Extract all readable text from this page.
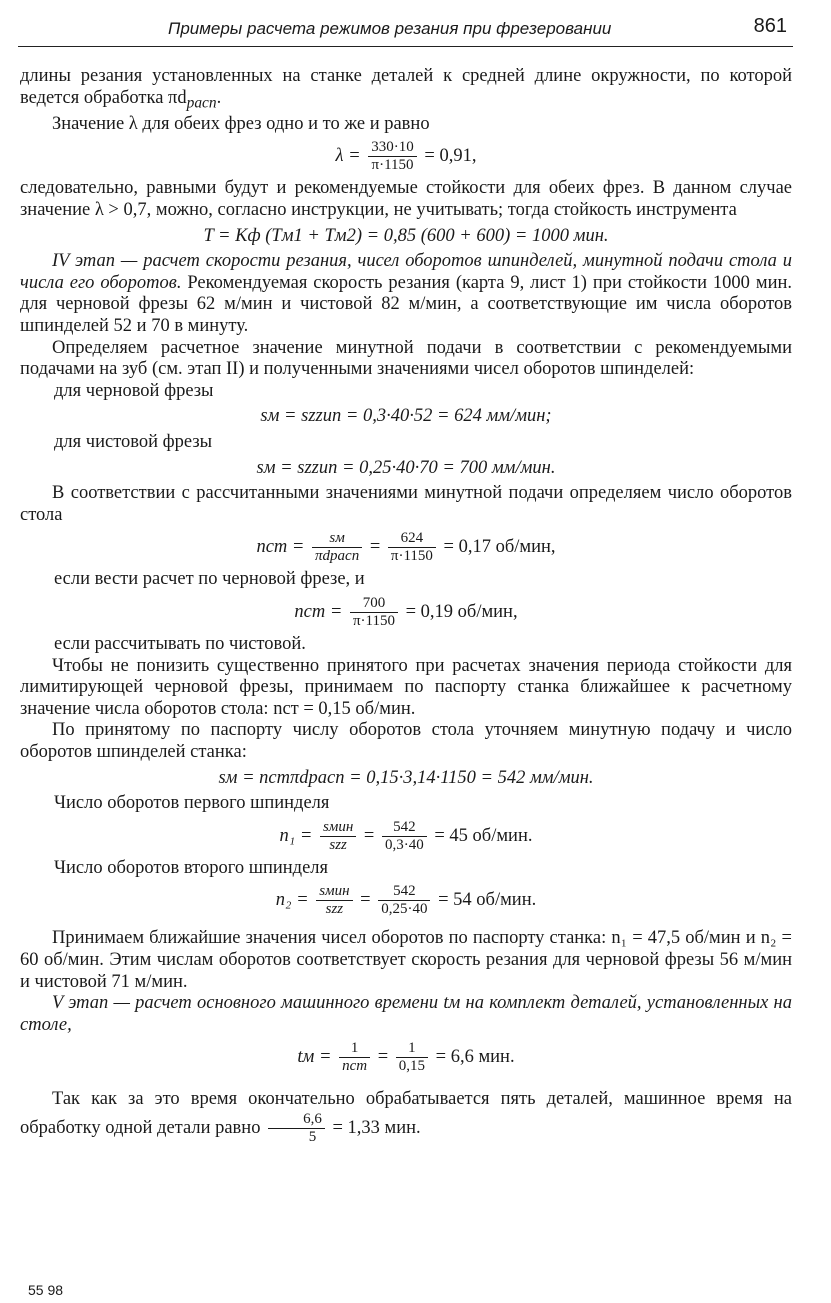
Примеры расчета режимов резания при фрезеровании	861

длины резания установленных на станке деталей к средней длине окружности, по которой ведется обработка $\pi d_{расп}$.

Значение λ для обеих фрез одно и то же и равно

$\lambda = \frac{330\cdot 10}{\pi\cdot 1150} = 0,91$,

следовательно, равными будут и рекомендуемые стойкости для обеих фрез. В данном случае значение λ > 0,7, можно, согласно инструкции, не учитывать; тогда стойкость инструмента

T = Kф (Tм1 + Tм2) = 0,85 (600 + 600) = 1000 мин.

IV этап — расчет скорости резания, чисел оборотов шпинделей, минутной подачи стола и числа его оборотов. Рекомендуемая скорость резания (карта 9, лист 1) при стойкости 1000 мин. для черновой фрезы 62 м/мин и чистовой 82 м/мин, а соответствующие им числа оборотов шпинделей 52 и 70 в минуту.

Определяем расчетное значение минутной подачи в соответствии с рекомендуемыми подачами на зуб (см. этап II) и полученными значениями чисел оборотов шпинделей:

для черновой фрезы
sм = szzиn = 0,3·40·52 = 624 мм/мин;
для чистовой фрезы
sм = szzиn = 0,25·40·70 = 700 мм/мин.

В соответствии с рассчитанными значениями минутной подачи определяем число оборотов стола

nст = $\frac{sм}{\text{πdрасп}} = \frac{624}{\pi\cdot 1150} = 0,17$ об/мин,
если вести расчет по черновой фрезе, и
nст = $\frac{700}{\pi\cdot 1150} = 0,19$ об/мин,
если рассчитывать по чистовой.

Чтобы не понизить существенно принятого при расчетах значения периода стойкости для лимитирующей черновой фрезы, принимаем по паспорту станка ближайшее к расчетному значение числа оборотов стола: nст = 0,15 об/мин.

По принятому по паспорту числу оборотов стола уточняем минутную подачу и число оборотов шпинделей станка:

sм = nстπdрасп = 0,15·3,14·1150 = 542 мм/мин.
Число оборотов первого шпинделя
$n_1 = \frac{\text{sмин}}{\text{szz}} = \frac{542}{0,3\cdot 40} = 45$ об/мин.
Число оборотов второго шпинделя
$n_2 = \frac{\text{sмин}}{\text{szz}} = \frac{542}{0,25\cdot 40} = 54$ об/мин.

Принимаем ближайшие значения чисел оборотов по паспорту станка: n₁ = 47,5 об/мин и n₂ = 60 об/мин. Этим числам оборотов соответствует скорость резания для черновой фрезы 56 м/мин и чистовой 71 м/мин.

V этап — расчет основного машинного времени tм на комплект деталей, установленных на столе,

tм = $\frac{1}{\text{nст}} = \frac{1}{0,15} = 6,6$ мин.

Так как за это время окончательно обрабатывается пять деталей, машинное время на обработку одной детали равно $\frac{6,6}{5} = 1,33$ мин.

55 98
